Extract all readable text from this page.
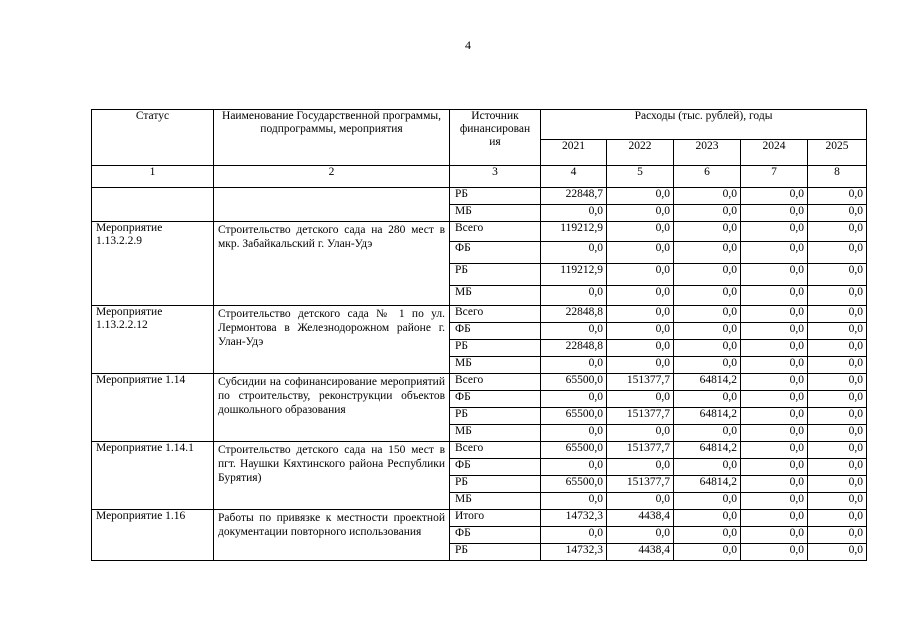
4
Статус	Наименование Государственной программы, подпрограммы, мероприятия	Источник финансирован ия	Расходы (тыс. рублей), годы				
			2021	2022	2023	2024	2025
1	2	3	4	5	6	7	8
		РБ	22848,7	0,0	0,0	0,0	0,0
		МБ	0,0	0,0	0,0	0,0	0,0
Мероприятие 1.13.2.2.9	Строительство детского сада на 280 мест в мкр. Забайкальский г. Улан-Удэ	Всего	119212,9	0,0	0,0	0,0	0,0
		ФБ	0,0	0,0	0,0	0,0	0,0
		РБ	119212,9	0,0	0,0	0,0	0,0
		МБ	0,0	0,0	0,0	0,0	0,0
Мероприятие 1.13.2.2.12	Строительство детского сада № 1 по ул. Лермонтова в Железнодорожном районе г. Улан-Удэ	Всего	22848,8	0,0	0,0	0,0	0,0
		ФБ	0,0	0,0	0,0	0,0	0,0
		РБ	22848,8	0,0	0,0	0,0	0,0
		МБ	0,0	0,0	0,0	0,0	0,0
Мероприятие 1.14	Субсидии на софинансирование мероприятий по строительству, реконструкции объектов дошкольного образования	Всего	65500,0	151377,7	64814,2	0,0	0,0
		ФБ	0,0	0,0	0,0	0,0	0,0
		РБ	65500,0	151377,7	64814,2	0,0	0,0
		МБ	0,0	0,0	0,0	0,0	0,0
Мероприятие 1.14.1	Строительство детского сада на 150 мест в пгт. Наушки Кяхтинского района Республики Бурятия)	Всего	65500,0	151377,7	64814,2	0,0	0,0
		ФБ	0,0	0,0	0,0	0,0	0,0
		РБ	65500,0	151377,7	64814,2	0,0	0,0
		МБ	0,0	0,0	0,0	0,0	0,0
Мероприятие 1.16	Работы по привязке к местности проектной документации повторного использования	Итого	14732,3	4438,4	0,0	0,0	0,0
		ФБ	0,0	0,0	0,0	0,0	0,0
		РБ	14732,3	4438,4	0,0	0,0	0,0
